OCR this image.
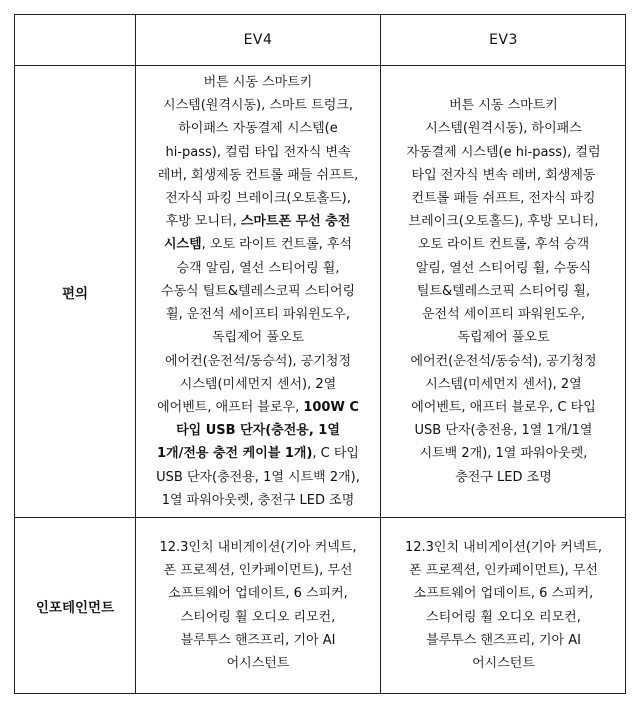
EV4	EV3
편의

버튼 시동 스마트키

시스템(원격시동), 스마트 트렁크,

하이패스 자동결제 시스템(e

hi-pass), 컬럼 타입 전자식 변속

레버, 회생제동 컨트롤 패들 쉬프트,

전자식 파킹 브레이크(오토홀드),

후방 모니터, 스마트폰 무선 충전

시스템, 오토 라이트 컨트롤, 후석

승객 알림, 열선 스티어링 휠,

수동식 틸트&텔레스코픽 스티어링

휠, 운전석 세이프티 파워윈도우,

독립제어 풀오토

에어컨(운전석/동승석), 공기청정

시스템(미세먼지 센서), 2열

에어벤트, 애프터 블로우, 100W C

타입 USB 단자(충전용, 1열

1개/전용 충전 케이블 1개), C 타입

USB 단자(충전용, 1열 시트백 2개),

1열 파워아웃렛, 충전구 LED 조명

버튼 시동 스마트키

시스템(원격시동), 하이패스

자동결제 시스템(e hi-pass), 컬럼

타입 전자식 변속 레버, 회생제동

컨트롤 패들 쉬프트, 전자식 파킹

브레이크(오토홀드), 후방 모니터,

오토 라이트 컨트롤, 후석 승객

알림, 열선 스티어링 휠, 수동식

틸트&텔레스코픽 스티어링 휠,

운전석 세이프티 파워윈도우,

독립제어 풀오토

에어컨(운전석/동승석), 공기청정

시스템(미세먼지 센서), 2열

에어벤트, 애프터 블로우, C 타입

USB 단자(충전용, 1열 1개/1열

시트백 2개), 1열 파워아웃렛,

충전구 LED 조명

인포테인먼트

12.3인치 내비게이션(기아 커넥트,

폰 프로젝션, 인카페이먼트), 무선

소프트웨어 업데이트, 6 스피커,

스티어링 휠 오디오 리모컨,

블루투스 핸즈프리, 기아 AI

어시스턴트

12.3인치 내비게이션(기아 커넥트,

폰 프로젝션, 인카페이먼트), 무선

소프트웨어 업데이트, 6 스피커,

스티어링 휠 오디오 리모컨,

블루투스 핸즈프리, 기아 AI

어시스턴트
